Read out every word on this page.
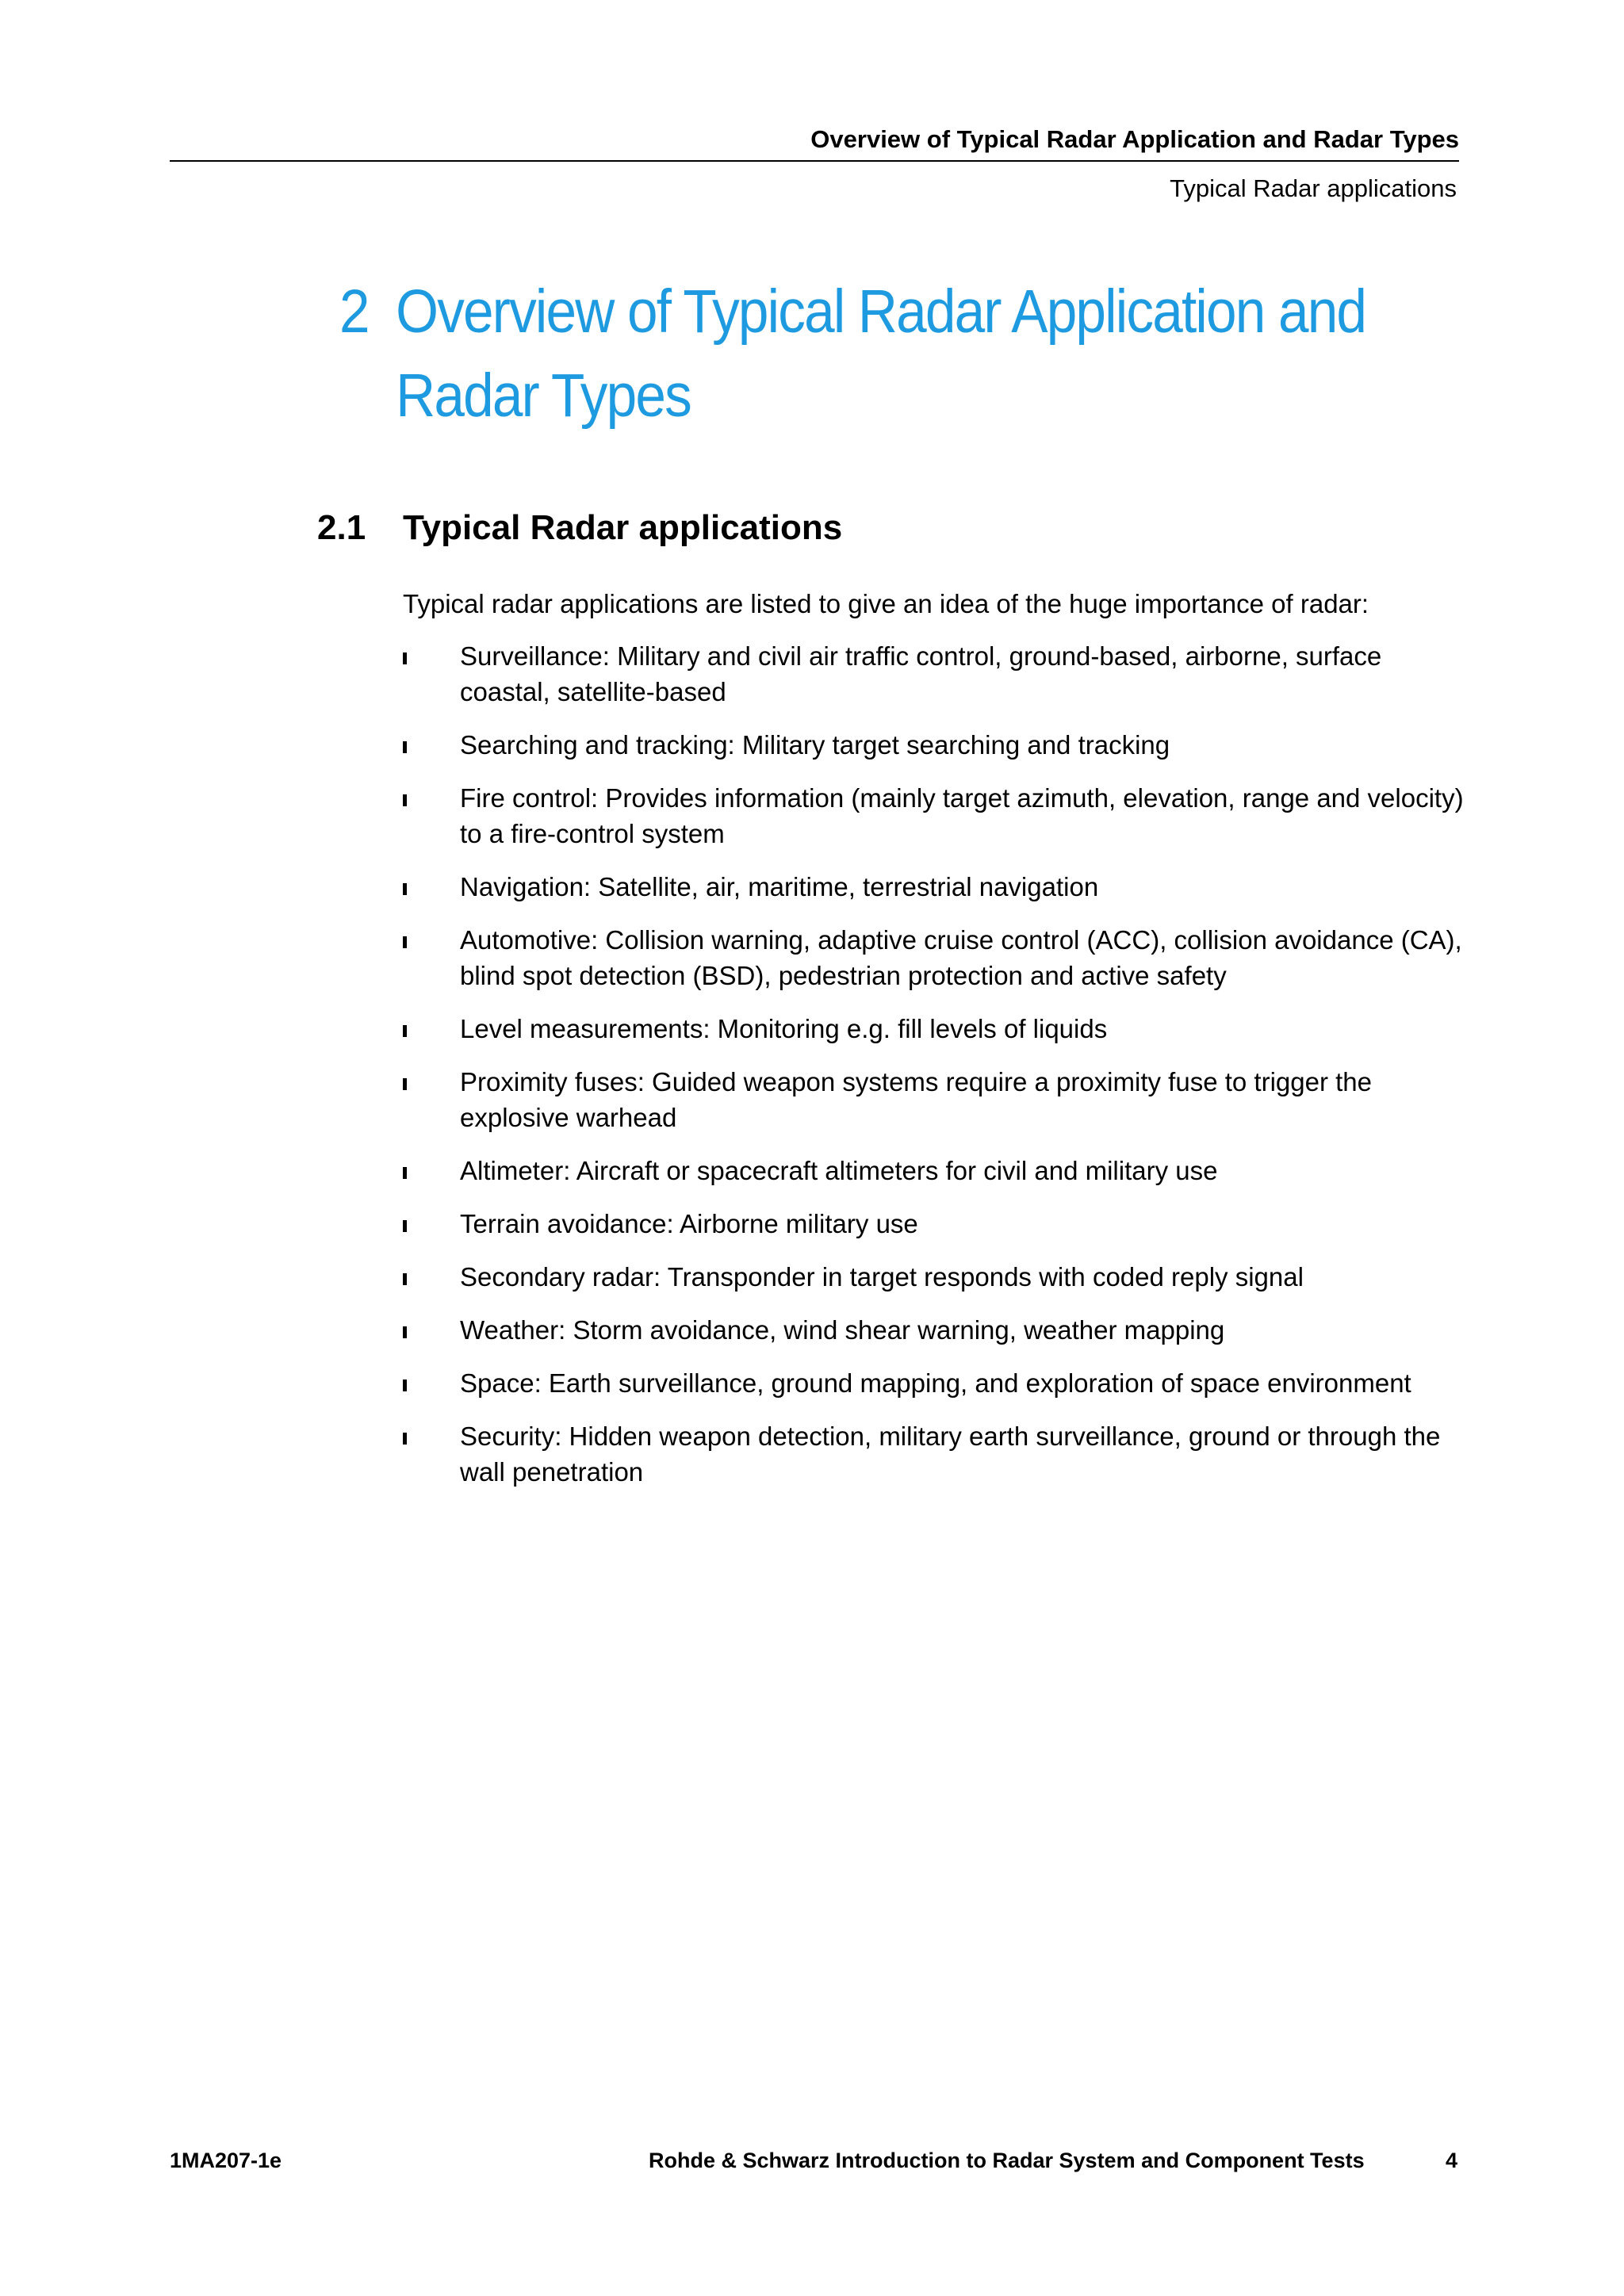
Overview of Typical Radar Application and Radar Types
Typical Radar applications
2 Overview of Typical Radar Application and Radar Types
2.1 Typical Radar applications
Typical radar applications are listed to give an idea of the huge importance of radar:
Surveillance: Military and civil air traffic control, ground-based, airborne, surface coastal, satellite-based
Searching and tracking: Military target searching and tracking
Fire control: Provides information (mainly target azimuth, elevation, range and velocity) to a fire-control system
Navigation: Satellite, air, maritime, terrestrial navigation
Automotive: Collision warning, adaptive cruise control (ACC), collision avoidance (CA), blind spot detection (BSD), pedestrian protection and active safety
Level measurements: Monitoring e.g. fill levels of liquids
Proximity fuses: Guided weapon systems require a proximity fuse to trigger the explosive warhead
Altimeter: Aircraft or spacecraft altimeters for civil and military use
Terrain avoidance: Airborne military use
Secondary radar: Transponder in target responds with coded reply signal
Weather: Storm avoidance, wind shear warning, weather mapping
Space: Earth surveillance, ground mapping, and exploration of space environment
Security: Hidden weapon detection, military earth surveillance, ground or through the wall penetration
1MA207-1e	Rohde & Schwarz Introduction to Radar System and Component Tests	4
